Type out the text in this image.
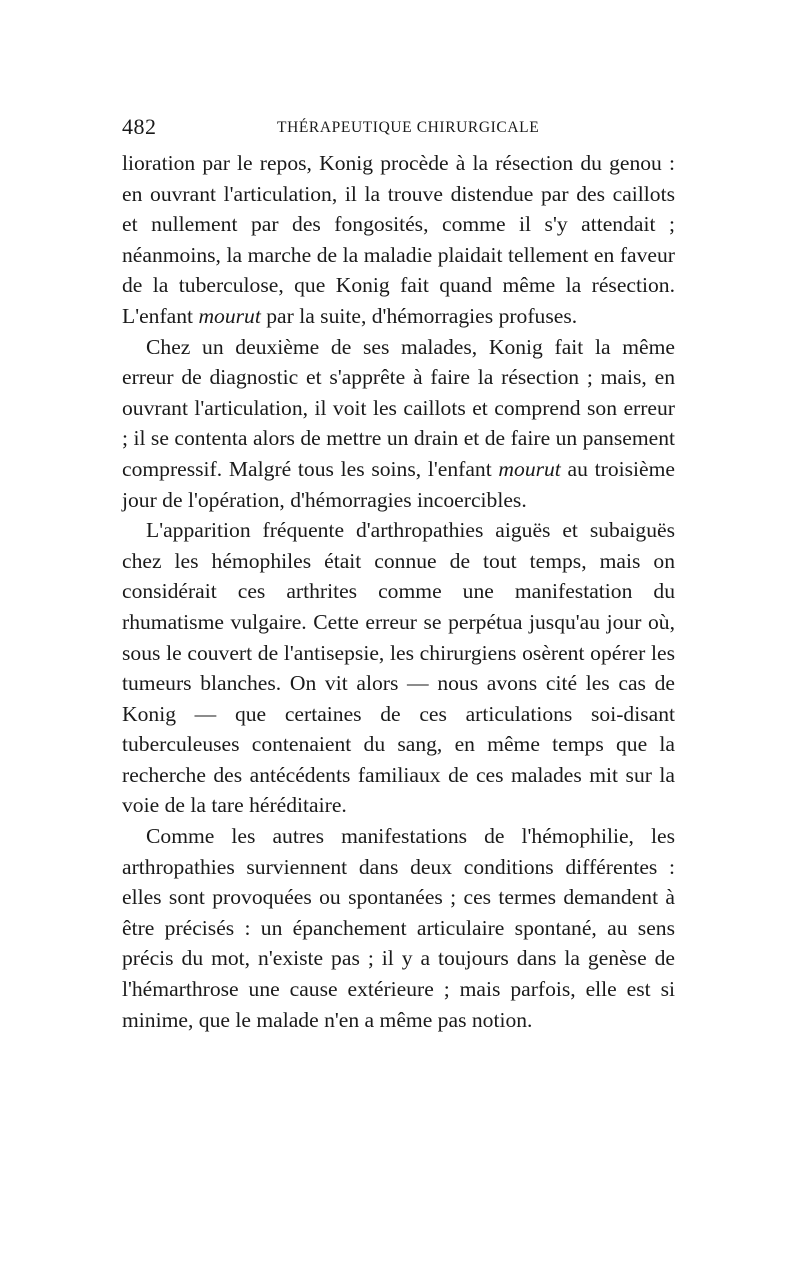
482	THÉRAPEUTIQUE CHIRURGICALE

lioration par le repos, Konig procède à la résection du genou : en ouvrant l'articulation, il la trouve distendue par des caillots et nullement par des fongosités, comme il s'y attendait ; néanmoins, la marche de la maladie plaidait tellement en faveur de la tuberculose, que Konig fait quand même la résection. L'enfant mourut par la suite, d'hémorragies profuses.

Chez un deuxième de ses malades, Konig fait la même erreur de diagnostic et s'apprête à faire la résection ; mais, en ouvrant l'articulation, il voit les caillots et comprend son erreur ; il se contenta alors de mettre un drain et de faire un pansement compressif. Malgré tous les soins, l'enfant mourut au troisième jour de l'opération, d'hémorragies incoercibles.

L'apparition fréquente d'arthropathies aiguës et subaiguës chez les hémophiles était connue de tout temps, mais on considérait ces arthrites comme une manifestation du rhumatisme vulgaire. Cette erreur se perpétua jusqu'au jour où, sous le couvert de l'antisepsie, les chirurgiens osèrent opérer les tumeurs blanches. On vit alors — nous avons cité les cas de Konig — que certaines de ces articulations soi-disant tuberculeuses contenaient du sang, en même temps que la recherche des antécédents familiaux de ces malades mit sur la voie de la tare héréditaire.

Comme les autres manifestations de l'hémophilie, les arthropathies surviennent dans deux conditions différentes : elles sont provoquées ou spontanées ; ces termes demandent à être précisés : un épanchement articulaire spontané, au sens précis du mot, n'existe pas ; il y a toujours dans la genèse de l'hémarthrose une cause extérieure ; mais parfois, elle est si minime, que le malade n'en a même pas notion.
